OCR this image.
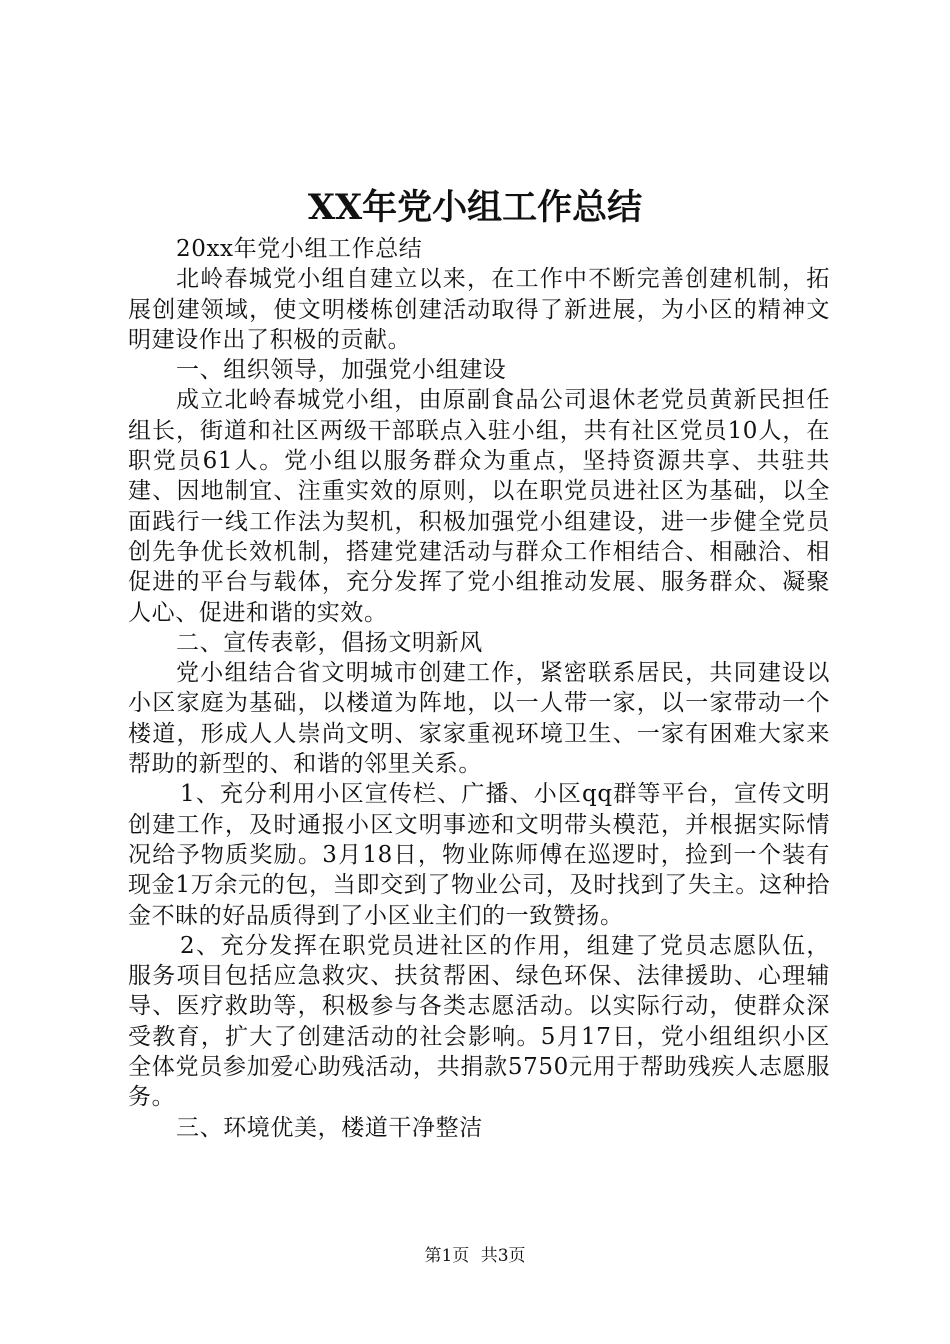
XX年党小组工作总结

20xx年党小组工作总结

北岭春城党小组自建立以来，在工作中不断完善创建机制，拓展创建领域，使文明楼栋创建活动取得了新进展，为小区的精神文明建设作出了积极的贡献。

一、组织领导，加强党小组建设

成立北岭春城党小组，由原副食品公司退休老党员黄新民担任组长，街道和社区两级干部联点入驻小组，共有社区党员10人，在职党员61人。党小组以服务群众为重点，坚持资源共享、共驻共建、因地制宜、注重实效的原则，以在职党员进社区为基础，以全面践行一线工作法为契机，积极加强党小组建设，进一步健全党员创先争优长效机制，搭建党建活动与群众工作相结合、相融洽、相促进的平台与载体，充分发挥了党小组推动发展、服务群众、凝聚人心、促进和谐的实效。

二、宣传表彰，倡扬文明新风

党小组结合省文明城市创建工作，紧密联系居民，共同建设以小区家庭为基础，以楼道为阵地，以一人带一家，以一家带动一个楼道，形成人人崇尚文明、家家重视环境卫生、一家有困难大家来帮助的新型的、和谐的邻里关系。

1、充分利用小区宣传栏、广播、小区qq群等平台，宣传文明创建工作，及时通报小区文明事迹和文明带头模范，并根据实际情况给予物质奖励。3月18日，物业陈师傅在巡逻时，捡到一个装有现金1万余元的包，当即交到了物业公司，及时找到了失主。这种拾金不昧的好品质得到了小区业主们的一致赞扬。

2、充分发挥在职党员进社区的作用，组建了党员志愿队伍，服务项目包括应急救灾、扶贫帮困、绿色环保、法律援助、心理辅导、医疗救助等，积极参与各类志愿活动。以实际行动，使群众深受教育，扩大了创建活动的社会影响。5月17日，党小组组织小区全体党员参加爱心助残活动，共捐款5750元用于帮助残疾人志愿服务。

三、环境优美，楼道干净整洁

第1页 共3页
